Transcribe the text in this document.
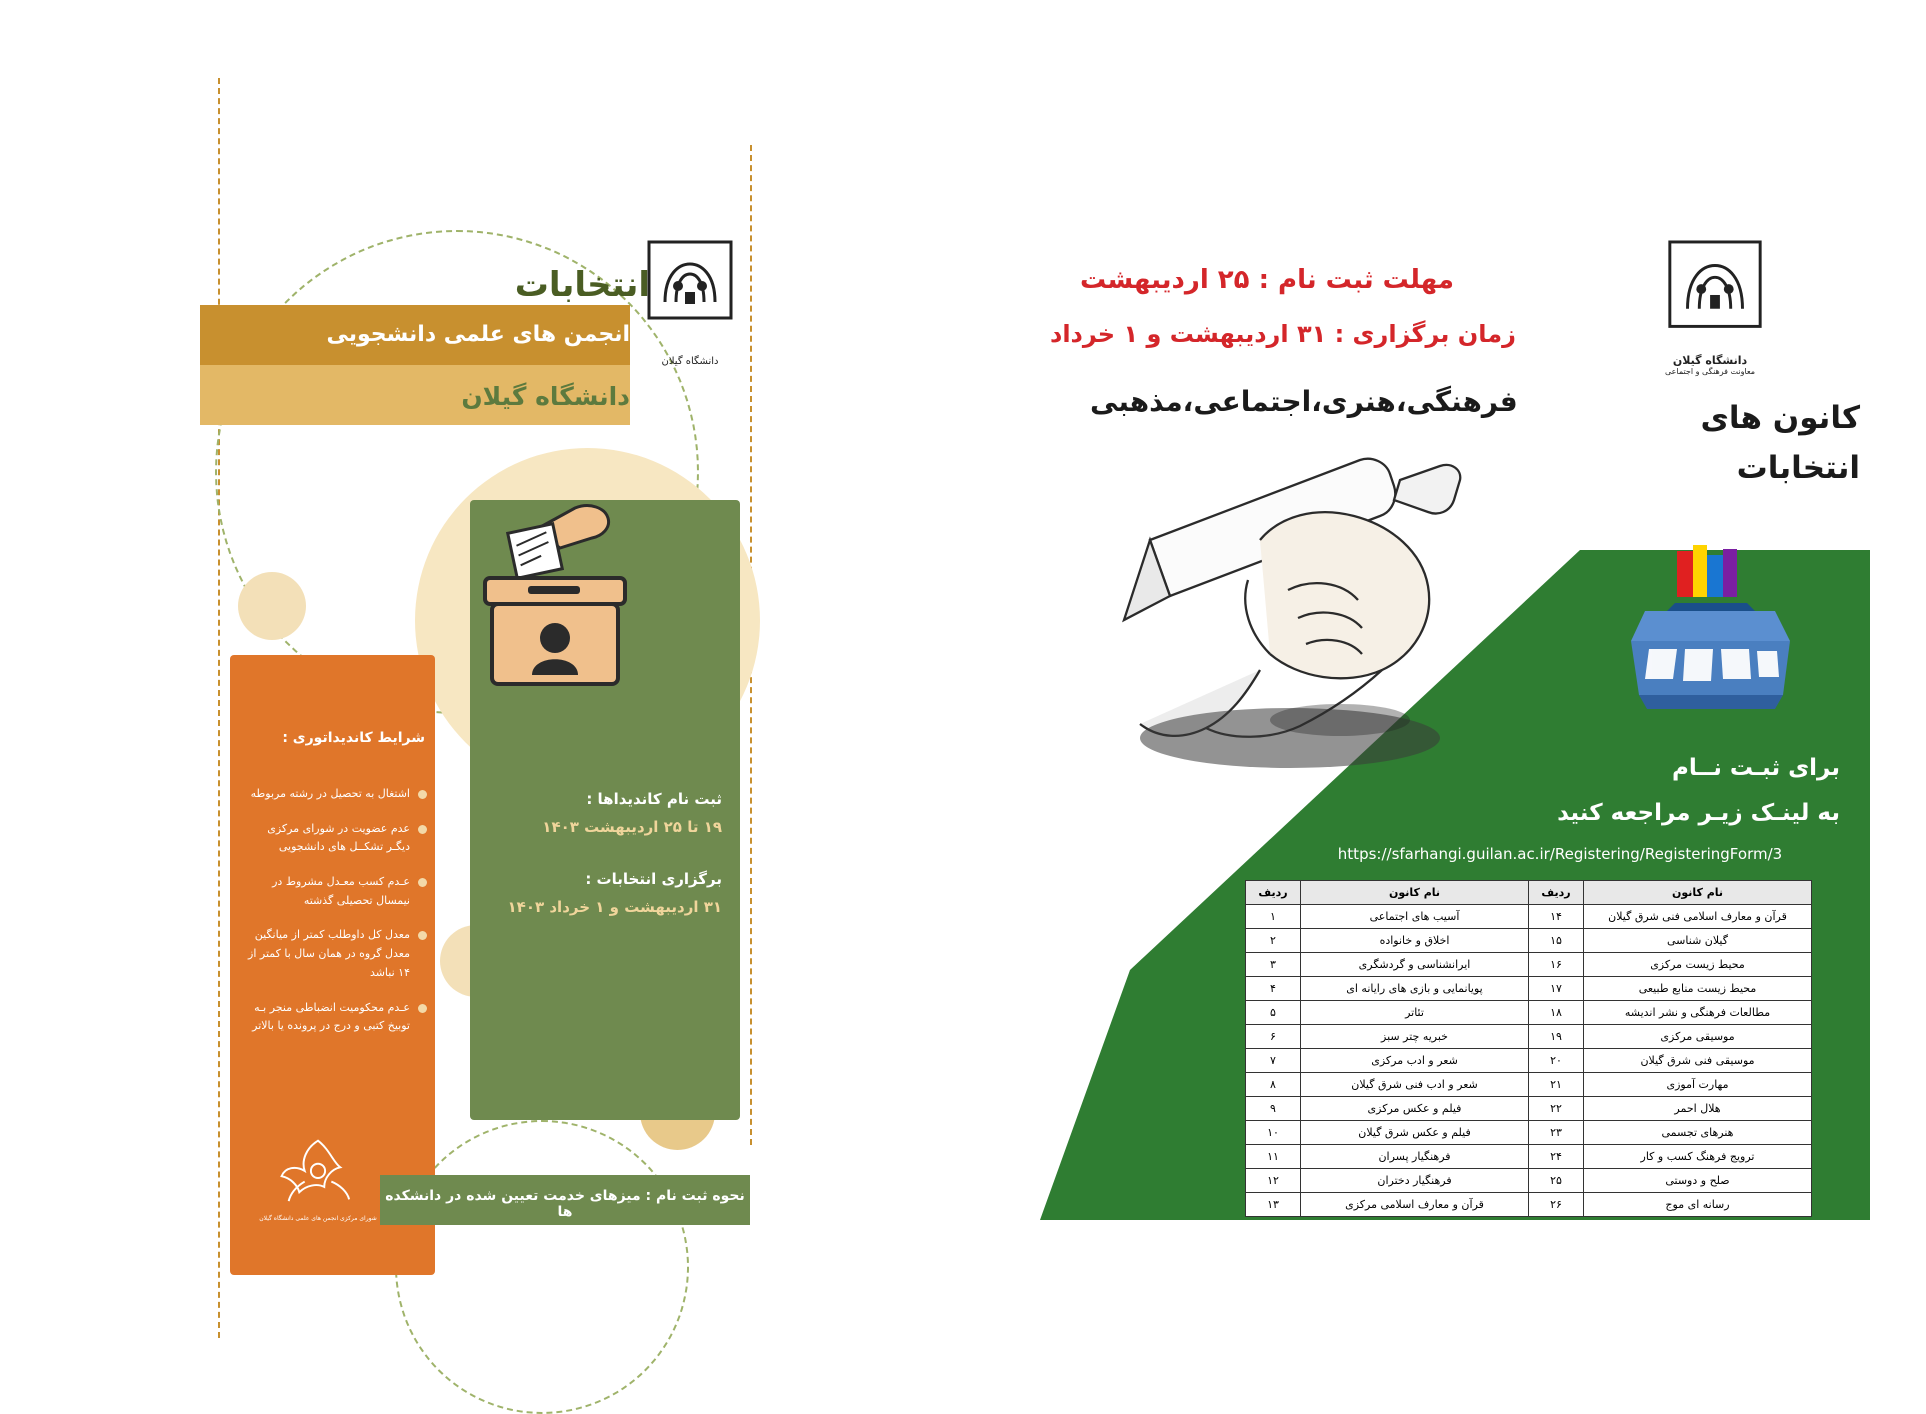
دانشگاه گیلان
انتخابات
انجمن های علمی دانشجویی
دانشگاه گیلان
ثبت نام کاندیداها :
۱۹ تا ۲۵ اردیبهشت ۱۴۰۳
برگزاری انتخابات :
۳۱ اردیبهشت و ۱ خرداد ۱۴۰۳
شرایط کاندیداتوری :
اشتغال به تحصیل در رشته مربوطه
عدم عضویت در شورای مرکزی دیگـر تشکــل های دانشجویی
عـدم کسب معـدل مشروط در نیمسال تحصیلی گذشته
معدل کل داوطلب کمتر از میانگین معدل گروه در همان سال با کمتر از ۱۴ نباشد
عـدم محکومیت انضباطی منجر بـه توبیخ کتبی و درج در پرونده یا بالاتر
شورای مرکزی انجمن های علمی دانشگاه گیلان
نحوه ثبت نام : میزهای خدمت تعیین شده در دانشکده ها
دانشگاه گیلان
معاونت فرهنگی و اجتماعی
مهلت ثبت نام : ۲۵ اردیبهشت
زمان برگزاری : ۳۱ اردیبهشت و ۱ خرداد
فرهنگی،هنری،اجتماعی،مذهبی	کانون های
انتخابات
برای ثبـت نــام
به لینـک زیـر مراجعه کنید
https://sfarhangi.guilan.ac.ir/Registering/RegisteringForm/3
نام کانون	ردیف	نام کانون	ردیف
قرآن و معارف اسلامی فنی شرق گیلان	۱۴	آسیب های اجتماعی	۱
گیلان شناسی	۱۵	اخلاق و خانواده	۲
محیط زیست مرکزی	۱۶	ایرانشناسی و گردشگری	۳
محیط زیست منابع طبیعی	۱۷	پویانمایی و بازی های رایانه ای	۴
مطالعات فرهنگی و نشر اندیشه	۱۸	تئاتر	۵
موسیقی مرکزی	۱۹	خبریه چتر سبز	۶
موسیقی فنی شرق گیلان	۲۰	شعر و ادب مرکزی	۷
مهارت آموزی	۲۱	شعر و ادب فنی شرق گیلان	۸
هلال احمر	۲۲	فیلم و عکس مرکزی	۹
هنرهای تجسمی	۲۳	فیلم و عکس شرق گیلان	۱۰
ترویج فرهنگ کسب و کار	۲۴	فرهنگیار پسران	۱۱
صلح و دوستی	۲۵	فرهنگیار دختران	۱۲
رسانه ای موج	۲۶	قرآن و معارف اسلامی مرکزی	۱۳
